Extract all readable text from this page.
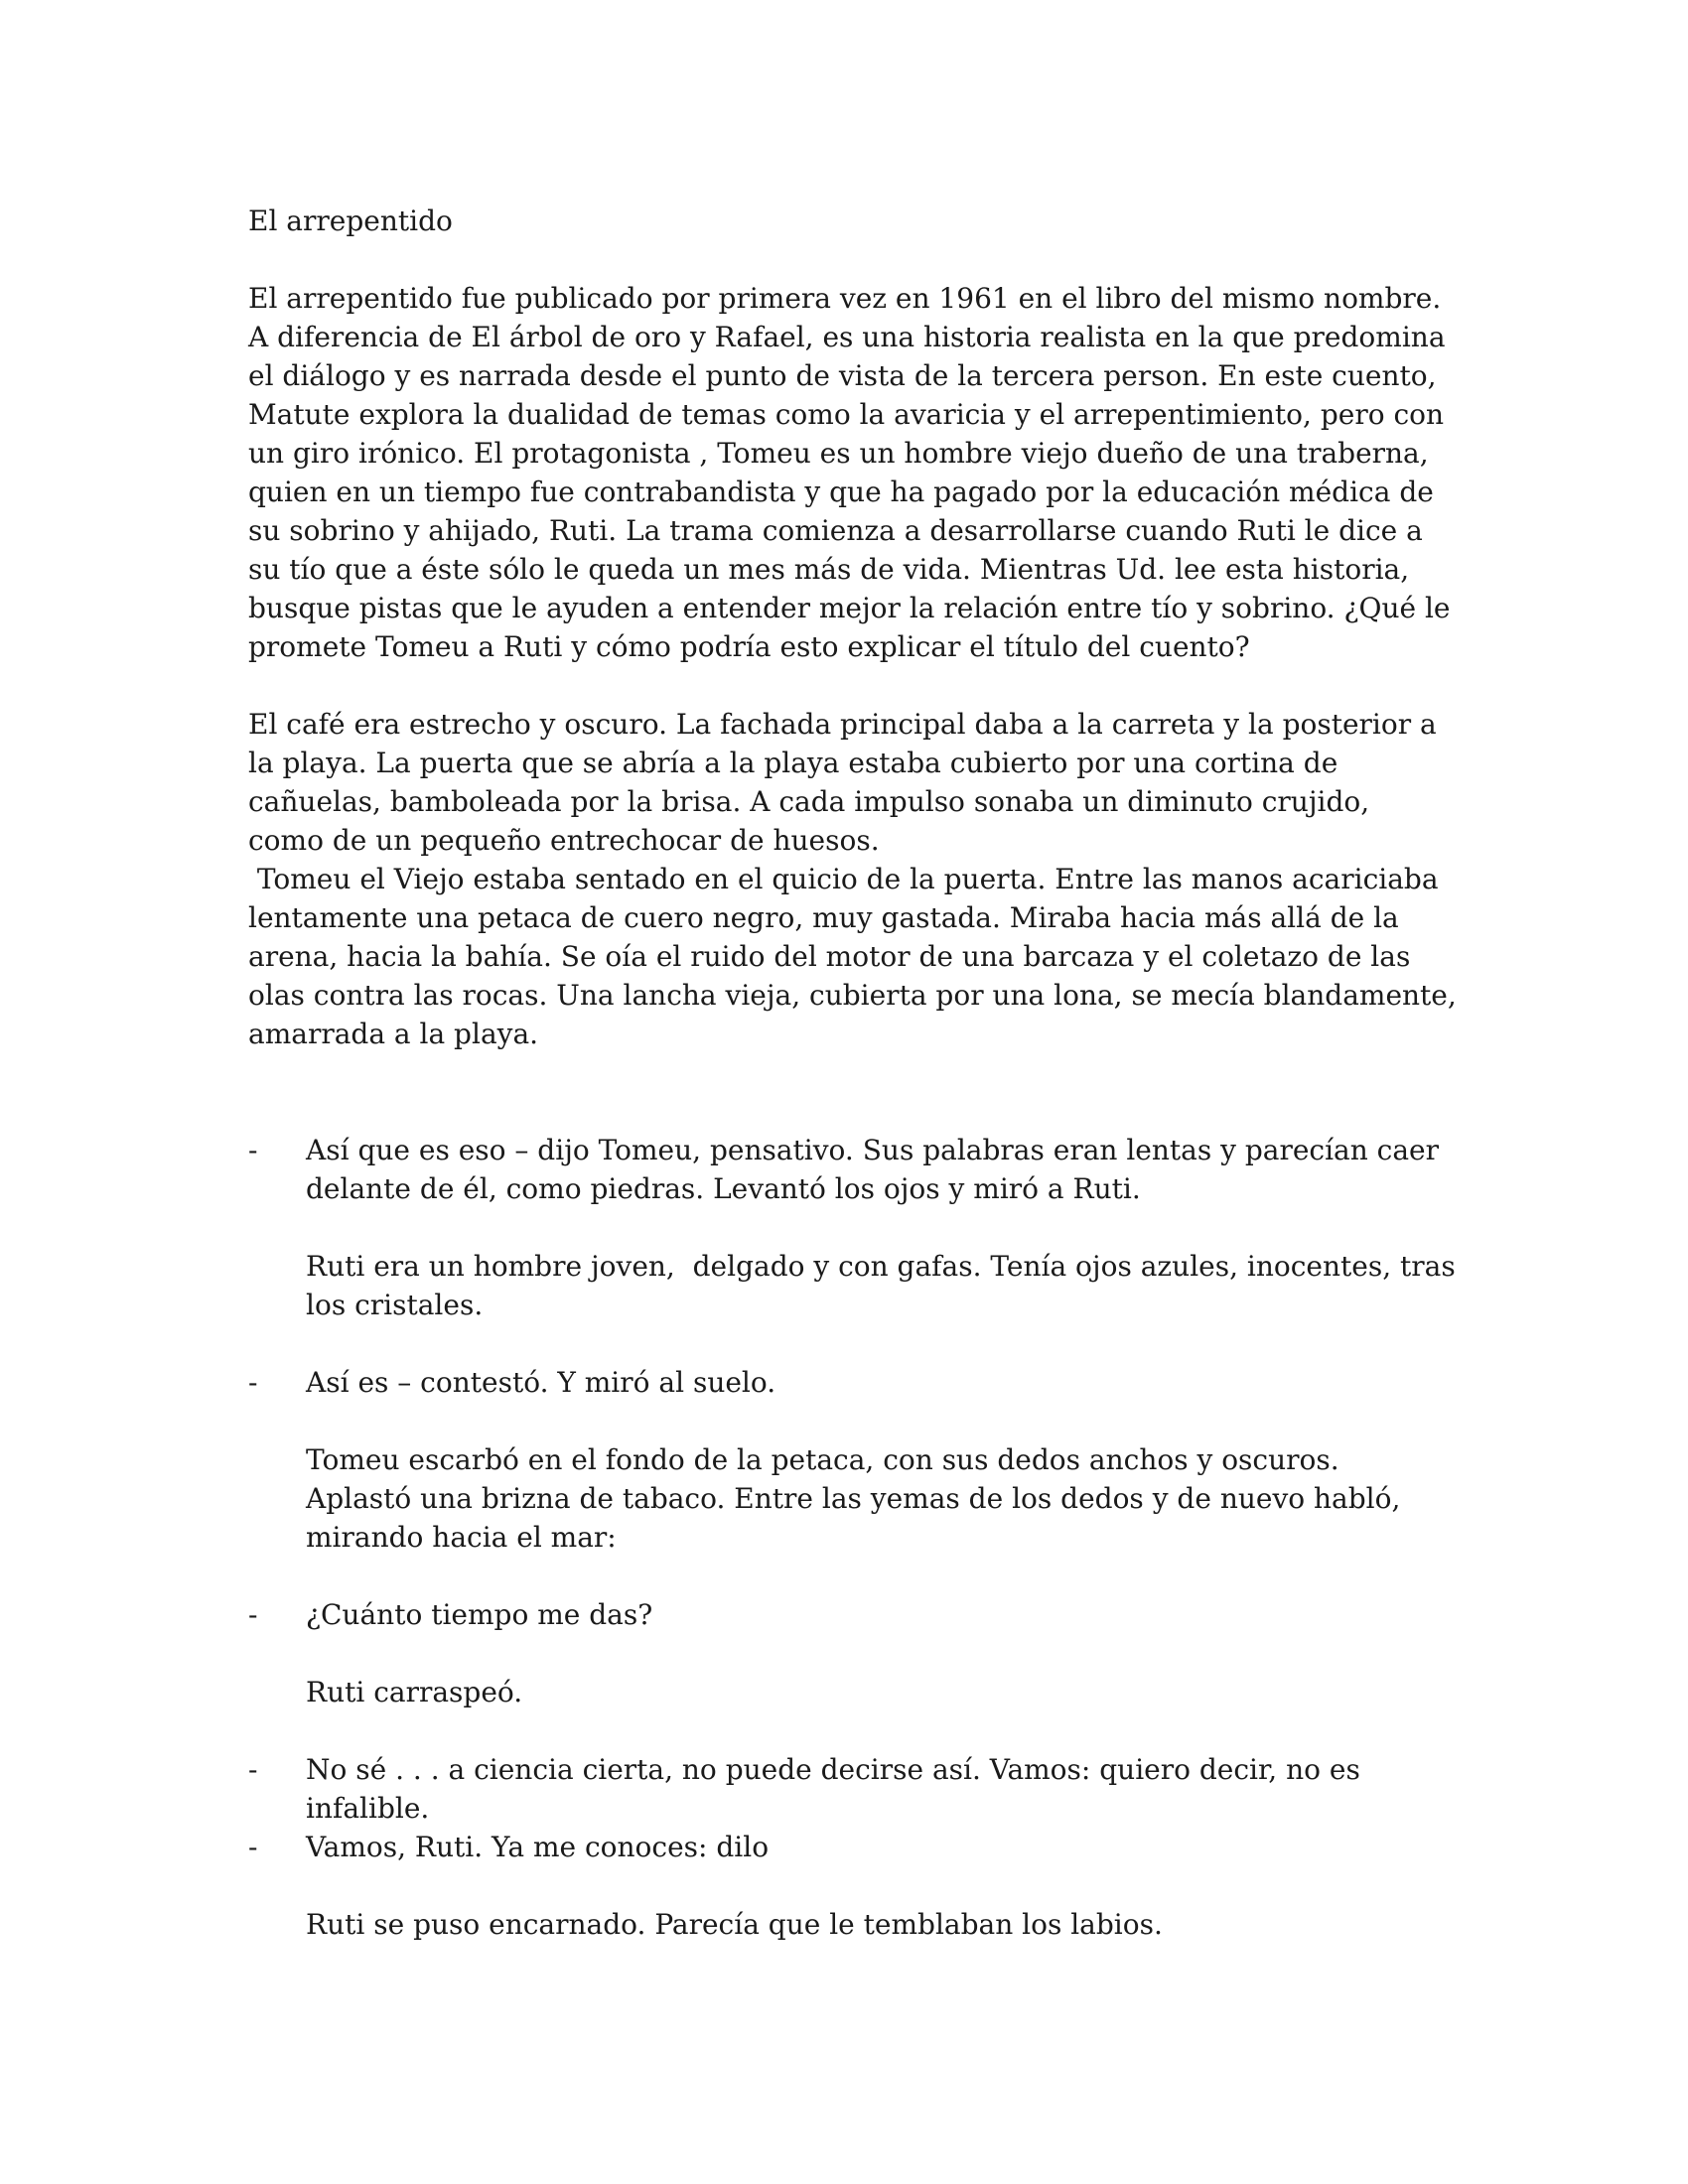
El arrepentido
El arrepentido fue publicado por primera vez en 1961 en el libro del mismo nombre.
A diferencia de El árbol de oro y Rafael, es una historia realista en la que predomina
el diálogo y es narrada desde el punto de vista de la tercera person. En este cuento,
Matute explora la dualidad de temas como la avaricia y el arrepentimiento, pero con
un giro irónico. El protagonista , Tomeu es un hombre viejo dueño de una traberna,
quien en un tiempo fue contrabandista y que ha pagado por la educación médica de
su sobrino y ahijado, Ruti. La trama comienza a desarrollarse cuando Ruti le dice a
su tío que a éste sólo le queda un mes más de vida. Mientras Ud. lee esta historia,
busque pistas que le ayuden a entender mejor la relación entre tío y sobrino. ¿Qué le
promete Tomeu a Ruti y cómo podría esto explicar el título del cuento?
El café era estrecho y oscuro. La fachada principal daba a la carreta y la posterior a
la playa. La puerta que se abría a la playa estaba cubierto por una cortina de
cañuelas, bamboleada por la brisa. A cada impulso sonaba un diminuto crujido,
como de un pequeño entrechocar de huesos.
Tomeu el Viejo estaba sentado en el quicio de la puerta. Entre las manos acariciaba
lentamente una petaca de cuero negro, muy gastada. Miraba hacia más allá de la
arena, hacia la bahía. Se oía el ruido del motor de una barcaza y el coletazo de las
olas contra las rocas. Una lancha vieja, cubierta por una lona, se mecía blandamente,
amarrada a la playa.
-	Así que es eso – dijo Tomeu, pensativo. Sus palabras eran lentas y parecían caer
delante de él, como piedras. Levantó los ojos y miró a Ruti.
Ruti era un hombre joven,  delgado y con gafas. Tenía ojos azules, inocentes, tras
los cristales.
-	Así es – contestó. Y miró al suelo.
Tomeu escarbó en el fondo de la petaca, con sus dedos anchos y oscuros.
Aplastó una brizna de tabaco. Entre las yemas de los dedos y de nuevo habló,
mirando hacia el mar:
-	¿Cuánto tiempo me das?
Ruti carraspeó.
-	No sé . . . a ciencia cierta, no puede decirse así. Vamos: quiero decir, no es
infalible.
-	Vamos, Ruti. Ya me conoces: dilo
Ruti se puso encarnado. Parecía que le temblaban los labios.
